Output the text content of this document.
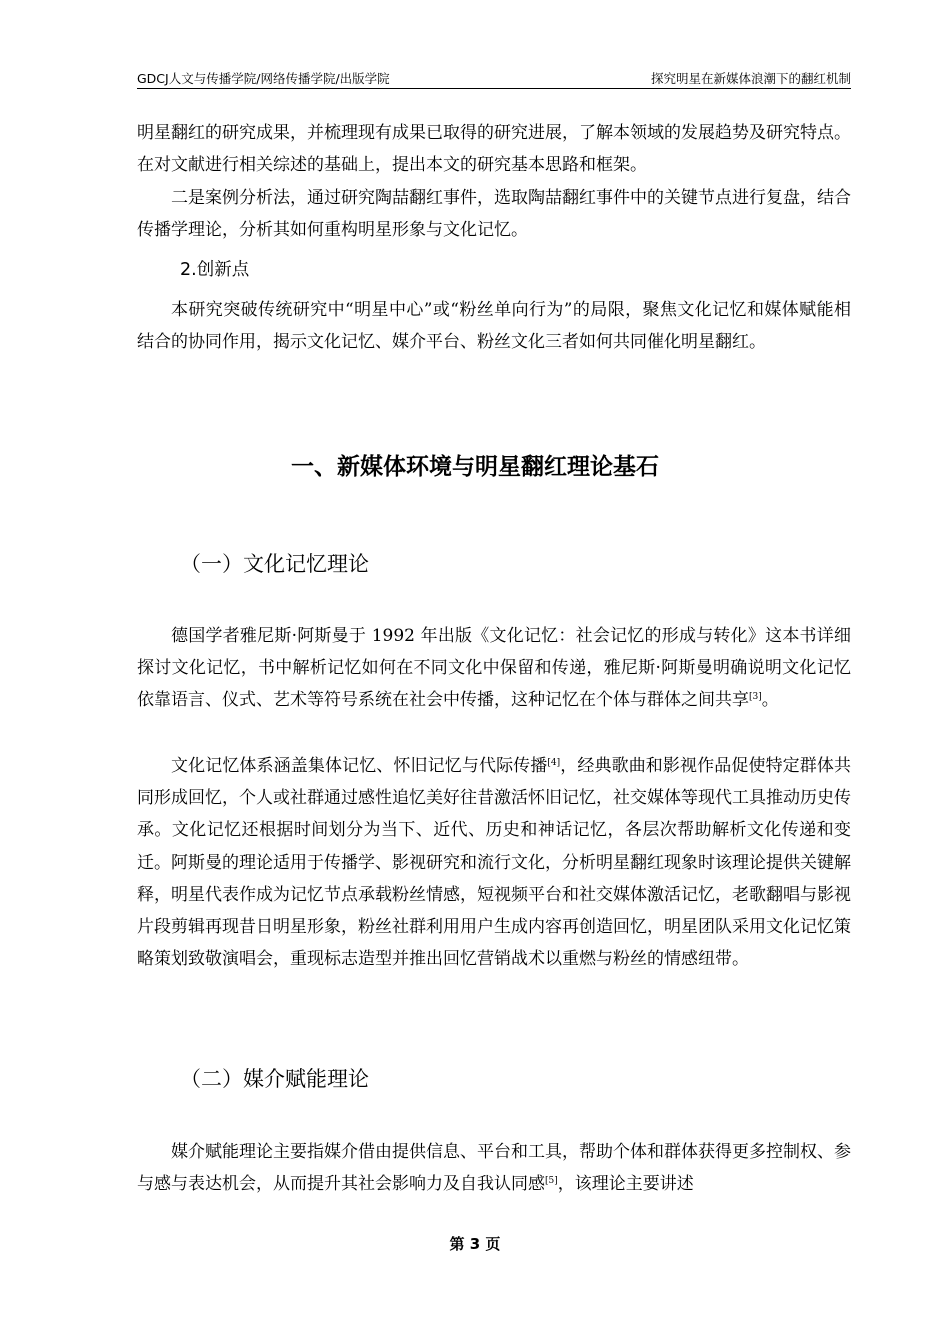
GDCJ人文与传播学院/网络传播学院/出版学院	探究明星在新媒体浪潮下的翻红机制

明星翻红的研究成果，并梳理现有成果已取得的研究进展，了解本领域的发展趋势及研究特点。在对文献进行相关综述的基础上，提出本文的研究基本思路和框架。

二是案例分析法，通过研究陶喆翻红事件，选取陶喆翻红事件中的关键节点进行复盘，结合传播学理论，分析其如何重构明星形象与文化记忆。

2.创新点

本研究突破传统研究中“明星中心”或“粉丝单向行为”的局限，聚焦文化记忆和媒体赋能相结合的协同作用，揭示文化记忆、媒介平台、粉丝文化三者如何共同催化明星翻红。

一、新媒体环境与明星翻红理论基石
（一）文化记忆理论

德国学者雅尼斯·阿斯曼于 1992 年出版《文化记忆：社会记忆的形成与转化》这本书详细探讨文化记忆，书中解析记忆如何在不同文化中保留和传递，雅尼斯·阿斯曼明确说明文化记忆依靠语言、仪式、艺术等符号系统在社会中传播，这种记忆在个体与群体之间共享[3]。

文化记忆体系涵盖集体记忆、怀旧记忆与代际传播[4]，经典歌曲和影视作品促使特定群体共同形成回忆，个人或社群通过感性追忆美好往昔激活怀旧记忆，社交媒体等现代工具推动历史传承。文化记忆还根据时间划分为当下、近代、历史和神话记忆，各层次帮助解析文化传递和变迁。阿斯曼的理论适用于传播学、影视研究和流行文化，分析明星翻红现象时该理论提供关键解释，明星代表作成为记忆节点承载粉丝情感，短视频平台和社交媒体激活记忆，老歌翻唱与影视片段剪辑再现昔日明星形象，粉丝社群利用用户生成内容再创造回忆，明星团队采用文化记忆策略策划致敬演唱会，重现标志造型并推出回忆营销战术以重燃与粉丝的情感纽带。

（二）媒介赋能理论

媒介赋能理论主要指媒介借由提供信息、平台和工具，帮助个体和群体获得更多控制权、参与感与表达机会，从而提升其社会影响力及自我认同感[5]，该理论主要讲述

第 3 页
